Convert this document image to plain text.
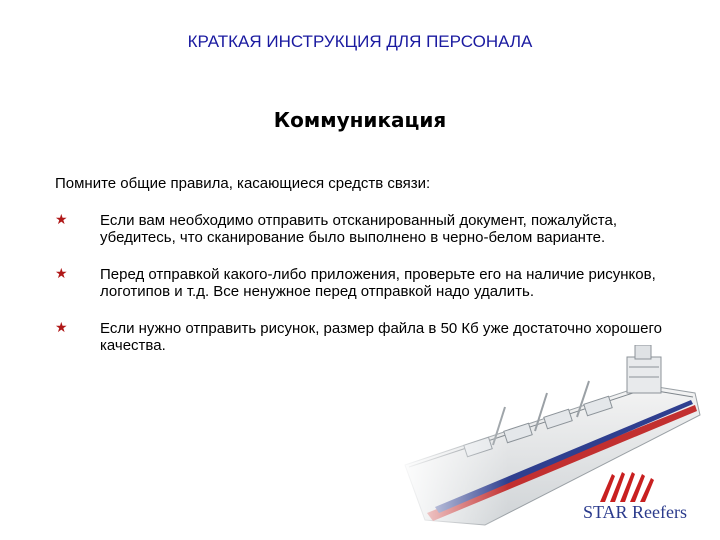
КРАТКАЯ ИНСТРУКЦИЯ ДЛЯ ПЕРСОНАЛА
Коммуникация
Помните общие правила, касающиеся средств связи:
★ Если вам необходимо отправить отсканированный документ, пожалуйста, убедитесь, что сканирование было выполнено в черно-белом варианте.
★ Перед отправкой какого-либо приложения, проверьте его на наличие рисунков, логотипов и т.д. Все ненужное перед отправкой надо удалить.
★ Если нужно отправить рисунок, размер файла в 50 Кб уже достаточно хорошего качества.
STAR Reefers
